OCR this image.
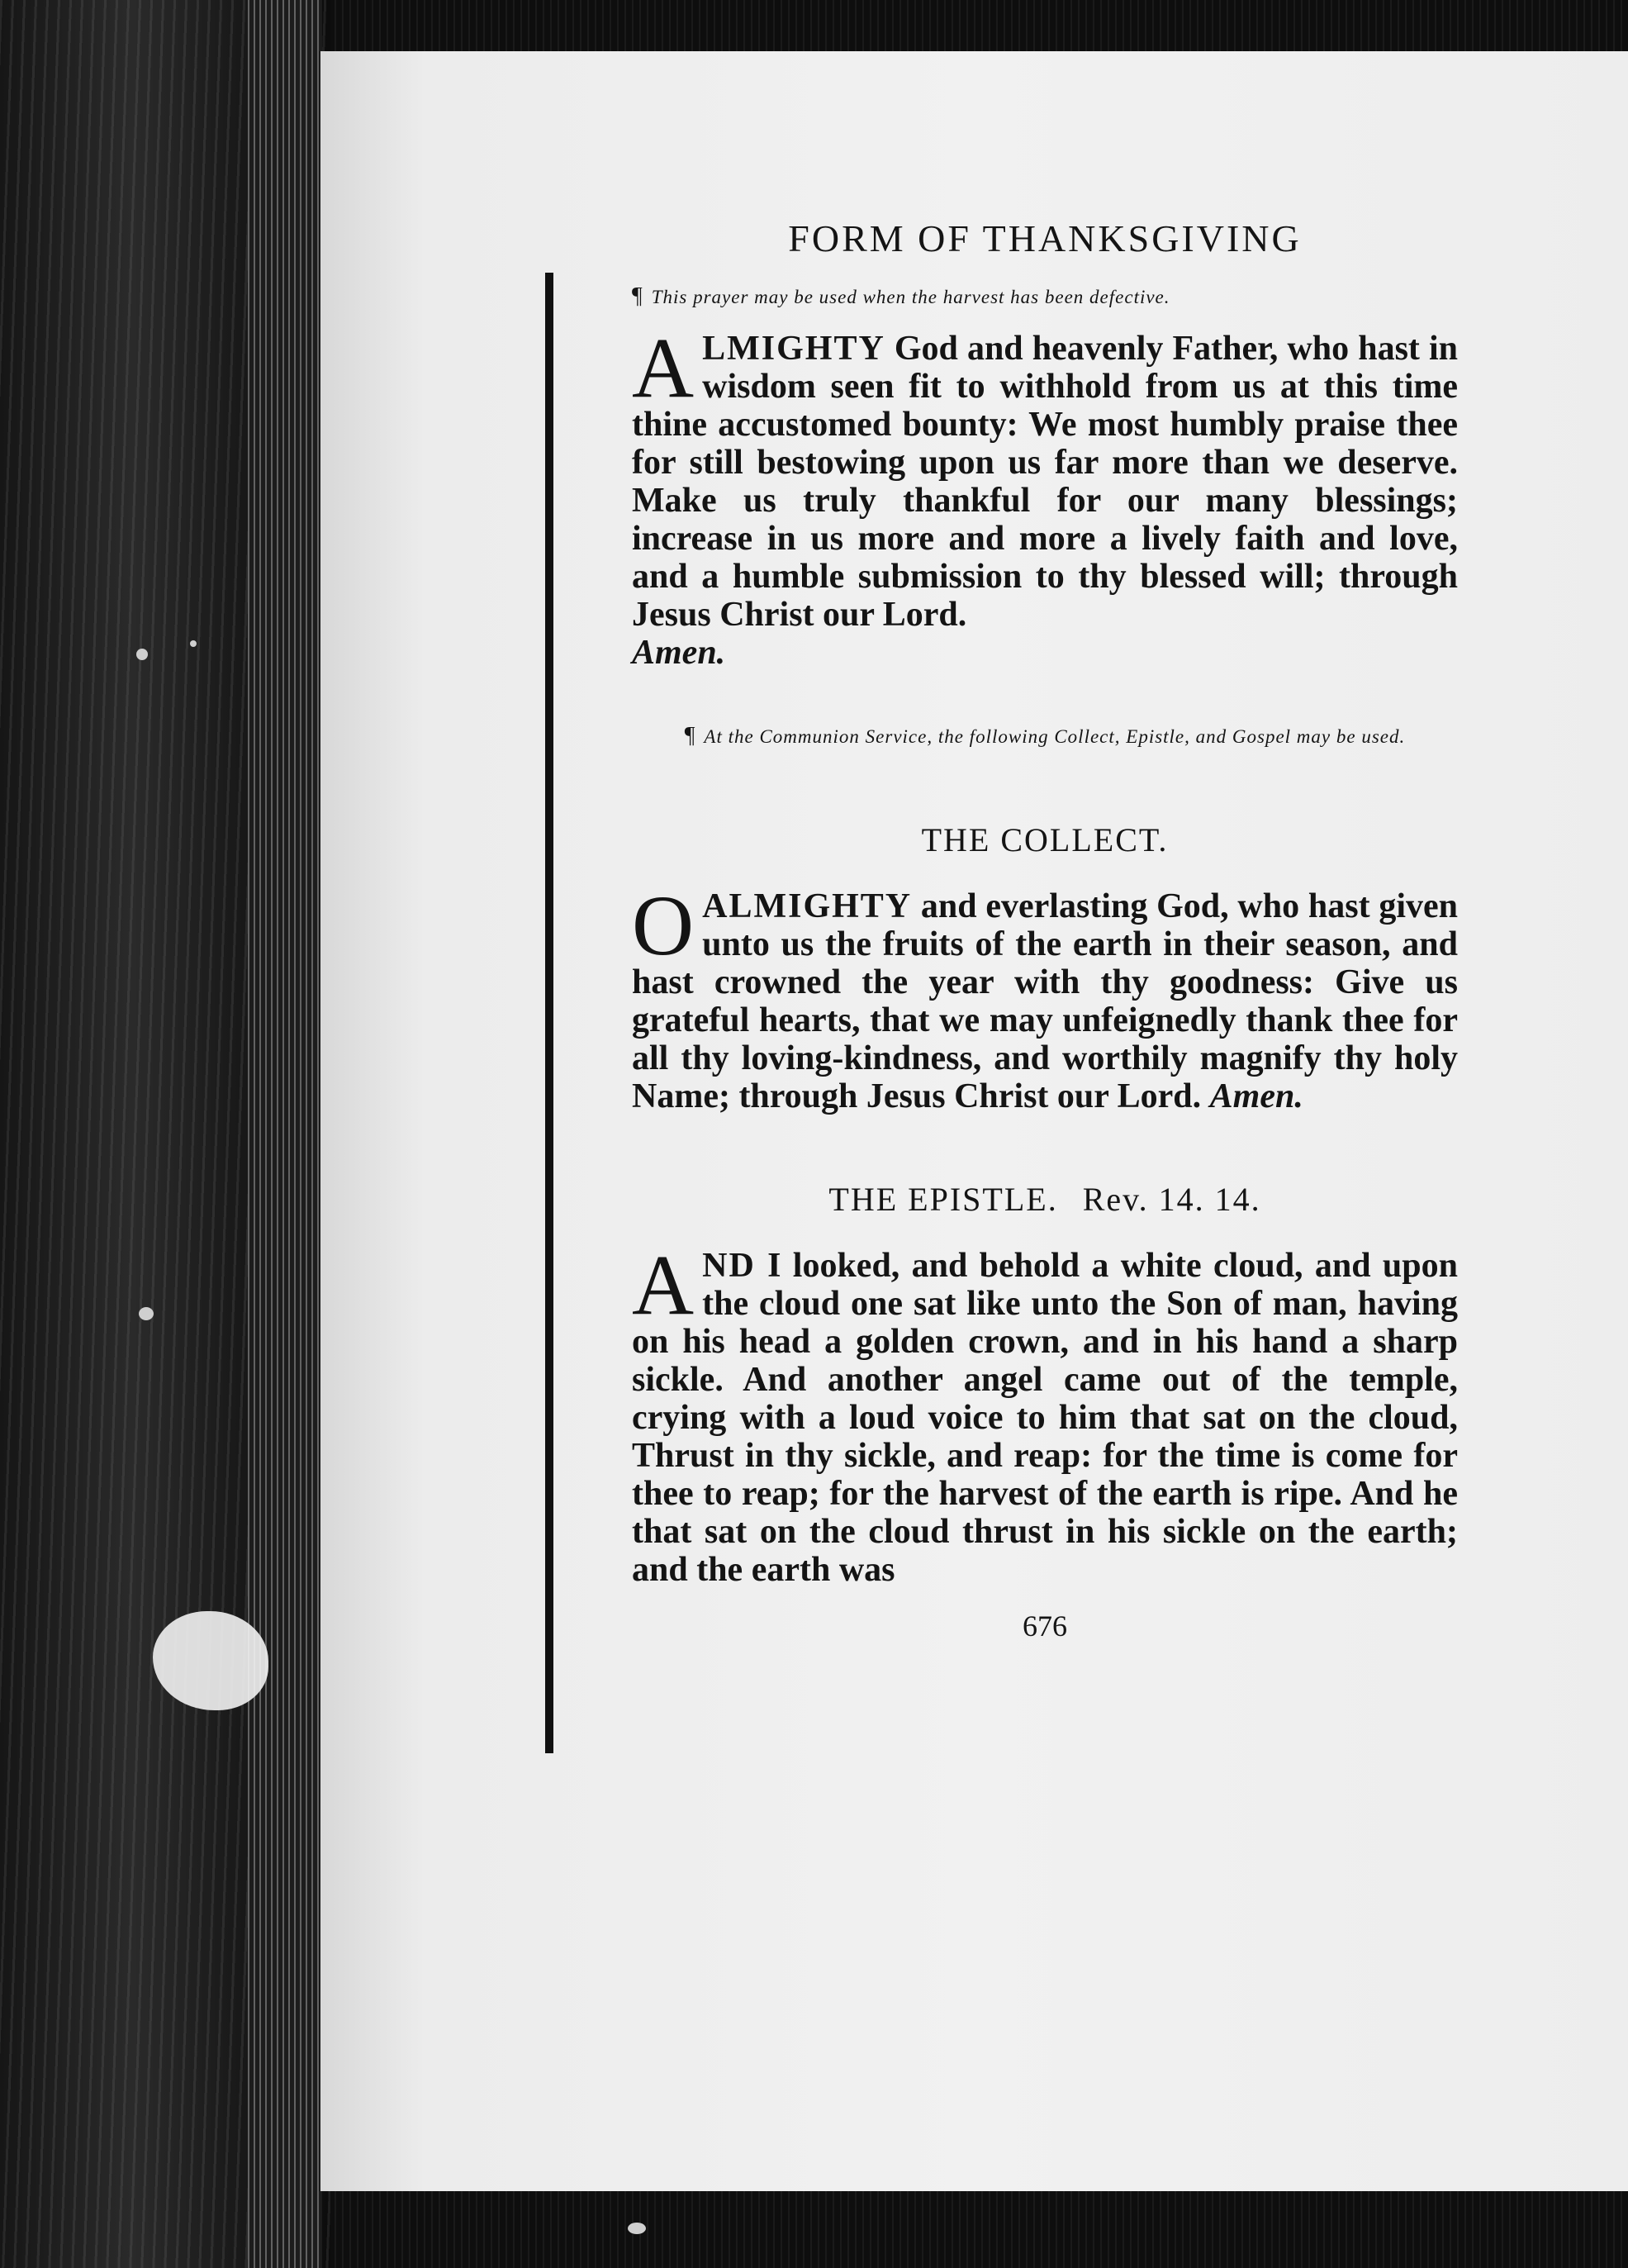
FORM OF THANKSGIVING

¶ This prayer may be used when the harvest has been defective.

ALMIGHTY God and heavenly Father, who hast in wisdom seen fit to withhold from us at this time thine accustomed bounty: We most humbly praise thee for still bestowing upon us far more than we deserve. Make us truly thankful for our many blessings; increase in us more and more a lively faith and love, and a humble submission to thy blessed will; through Jesus Christ our Lord.
Amen.

¶ At the Communion Service, the following Collect, Epistle, and Gospel may be used.

THE COLLECT.

OALMIGHTY and everlasting God, who hast given unto us the fruits of the earth in their season, and hast crowned the year with thy goodness: Give us grateful hearts, that we may unfeignedly thank thee for all thy loving-kindness, and worthily magnify thy holy Name; through Jesus Christ our Lord. Amen.

THE EPISTLE. Rev. 14. 14.

AND I looked, and behold a white cloud, and upon the cloud one sat like unto the Son of man, having on his head a golden crown, and in his hand a sharp sickle. And another angel came out of the temple, crying with a loud voice to him that sat on the cloud, Thrust in thy sickle, and reap: for the time is come for thee to reap; for the harvest of the earth is ripe. And he that sat on the cloud thrust in his sickle on the earth; and the earth was

676
